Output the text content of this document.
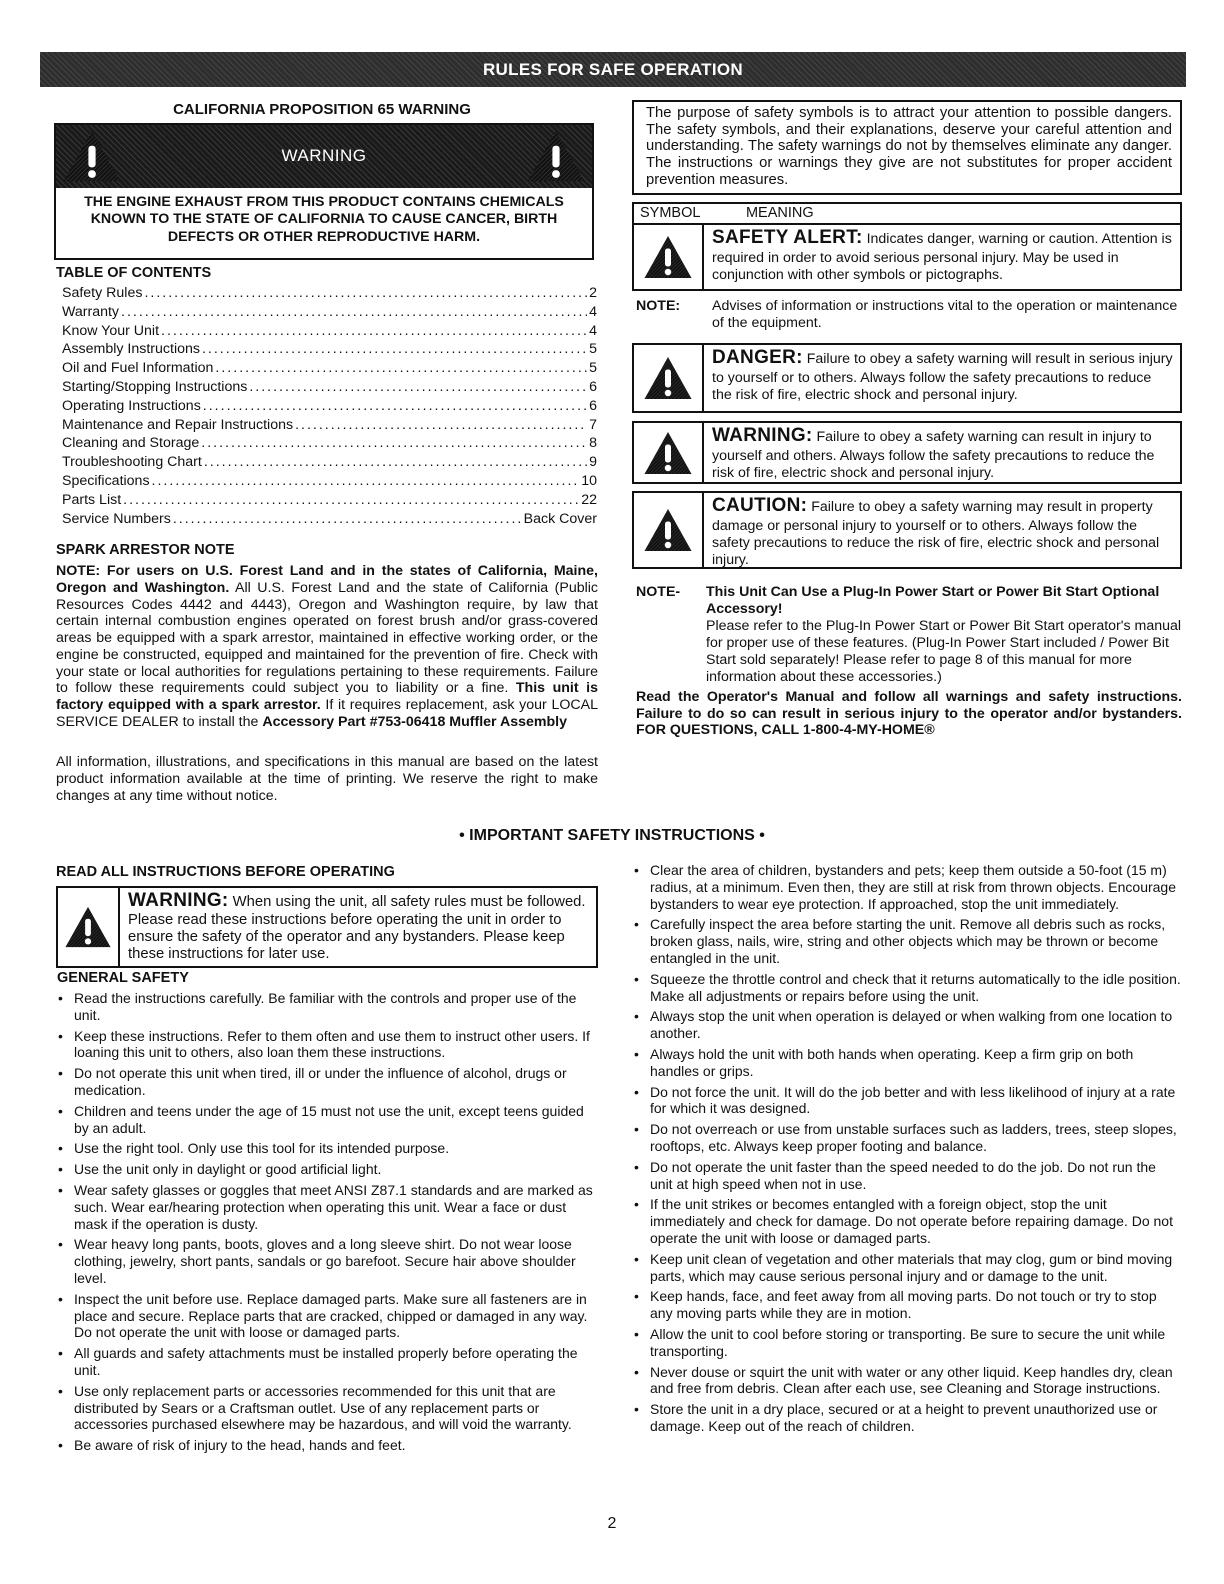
RULES FOR SAFE OPERATION
CALIFORNIA PROPOSITION 65 WARNING
WARNING
THE ENGINE EXHAUST FROM THIS PRODUCT CONTAINS CHEMICALS KNOWN TO THE STATE OF CALIFORNIA TO CAUSE CANCER, BIRTH DEFECTS OR OTHER REPRODUCTIVE HARM.
TABLE OF CONTENTS
Safety Rules .....	2
Warranty .....	4
Know Your Unit .....	4
Assembly Instructions .....	5
Oil and Fuel Information .....	5
Starting/Stopping Instructions .....	6
Operating Instructions .....	6
Maintenance and Repair Instructions .....	7
Cleaning and Storage .....	8
Troubleshooting Chart .....	9
Specifications .....	10
Parts List .....	22
Service Numbers .....	Back Cover
SPARK ARRESTOR NOTE
NOTE: For users on U.S. Forest Land and in the states of California, Maine, Oregon and Washington. All U.S. Forest Land and the state of California (Public Resources Codes 4442 and 4443), Oregon and Washington require, by law that certain internal combustion engines operated on forest brush and/or grass-covered areas be equipped with a spark arrestor, maintained in effective working order, or the engine be constructed, equipped and maintained for the prevention of fire. Check with your state or local authorities for regulations pertaining to these requirements. Failure to follow these requirements could subject you to liability or a fine. This unit is factory equipped with a spark arrestor. If it requires replacement, ask your LOCAL SERVICE DEALER to install the Accessory Part #753-06418 Muffler Assembly
All information, illustrations, and specifications in this manual are based on the latest product information available at the time of printing. We reserve the right to make changes at any time without notice.
The purpose of safety symbols is to attract your attention to possible dangers. The safety symbols, and their explanations, deserve your careful attention and understanding. The safety warnings do not by themselves eliminate any danger. The instructions or warnings they give are not substitutes for proper accident prevention measures.
SYMBOL	MEANING
SAFETY ALERT: Indicates danger, warning or caution. Attention is required in order to avoid serious personal injury. May be used in conjunction with other symbols or pictographs.
NOTE:	Advises of information or instructions vital to the operation or maintenance of the equipment.
DANGER: Failure to obey a safety warning will result in serious injury to yourself or to others. Always follow the safety precautions to reduce the risk of fire, electric shock and personal injury.
WARNING: Failure to obey a safety warning can result in injury to yourself and others. Always follow the safety precautions to reduce the risk of fire, electric shock and personal injury.
CAUTION: Failure to obey a safety warning may result in property damage or personal injury to yourself or to others. Always follow the safety precautions to reduce the risk of fire, electric shock and personal injury.
NOTE-	This Unit Can Use a Plug-In Power Start or Power Bit Start Optional Accessory!
Please refer to the Plug-In Power Start or Power Bit Start operator's manual for proper use of these features. (Plug-In Power Start included / Power Bit Start sold separately! Please refer to page 8 of this manual for more information about these accessories.)
Read the Operator's Manual and follow all warnings and safety instructions. Failure to do so can result in serious injury to the operator and/or bystanders. FOR QUESTIONS, CALL 1-800-4-MY-HOME®
• IMPORTANT SAFETY INSTRUCTIONS •
READ ALL INSTRUCTIONS BEFORE OPERATING
WARNING: When using the unit, all safety rules must be followed. Please read these instructions before operating the unit in order to ensure the safety of the operator and any bystanders. Please keep these instructions for later use.
GENERAL SAFETY
• Read the instructions carefully. Be familiar with the controls and proper use of the unit.
• Keep these instructions. Refer to them often and use them to instruct other users. If loaning this unit to others, also loan them these instructions.
• Do not operate this unit when tired, ill or under the influence of alcohol, drugs or medication.
• Children and teens under the age of 15 must not use the unit, except teens guided by an adult.
• Use the right tool. Only use this tool for its intended purpose.
• Use the unit only in daylight or good artificial light.
• Wear safety glasses or goggles that meet ANSI Z87.1 standards and are marked as such. Wear ear/hearing protection when operating this unit. Wear a face or dust mask if the operation is dusty.
• Wear heavy long pants, boots, gloves and a long sleeve shirt. Do not wear loose clothing, jewelry, short pants, sandals or go barefoot. Secure hair above shoulder level.
• Inspect the unit before use. Replace damaged parts. Make sure all fasteners are in place and secure. Replace parts that are cracked, chipped or damaged in any way. Do not operate the unit with loose or damaged parts.
• All guards and safety attachments must be installed properly before operating the unit.
• Use only replacement parts or accessories recommended for this unit that are distributed by Sears or a Craftsman outlet. Use of any replacement parts or accessories purchased elsewhere may be hazardous, and will void the warranty.
• Be aware of risk of injury to the head, hands and feet.
• Clear the area of children, bystanders and pets; keep them outside a 50-foot (15 m) radius, at a minimum. Even then, they are still at risk from thrown objects. Encourage bystanders to wear eye protection. If approached, stop the unit immediately.
• Carefully inspect the area before starting the unit. Remove all debris such as rocks, broken glass, nails, wire, string and other objects which may be thrown or become entangled in the unit.
• Squeeze the throttle control and check that it returns automatically to the idle position. Make all adjustments or repairs before using the unit.
• Always stop the unit when operation is delayed or when walking from one location to another.
• Always hold the unit with both hands when operating. Keep a firm grip on both handles or grips.
• Do not force the unit. It will do the job better and with less likelihood of injury at a rate for which it was designed.
• Do not overreach or use from unstable surfaces such as ladders, trees, steep slopes, rooftops, etc. Always keep proper footing and balance.
• Do not operate the unit faster than the speed needed to do the job. Do not run the unit at high speed when not in use.
• If the unit strikes or becomes entangled with a foreign object, stop the unit immediately and check for damage. Do not operate before repairing damage. Do not operate the unit with loose or damaged parts.
• Keep unit clean of vegetation and other materials that may clog, gum or bind moving parts, which may cause serious personal injury and or damage to the unit.
• Keep hands, face, and feet away from all moving parts. Do not touch or try to stop any moving parts while they are in motion.
• Allow the unit to cool before storing or transporting. Be sure to secure the unit while transporting.
• Never douse or squirt the unit with water or any other liquid. Keep handles dry, clean and free from debris. Clean after each use, see Cleaning and Storage instructions.
• Store the unit in a dry place, secured or at a height to prevent unauthorized use or damage. Keep out of the reach of children.
2
